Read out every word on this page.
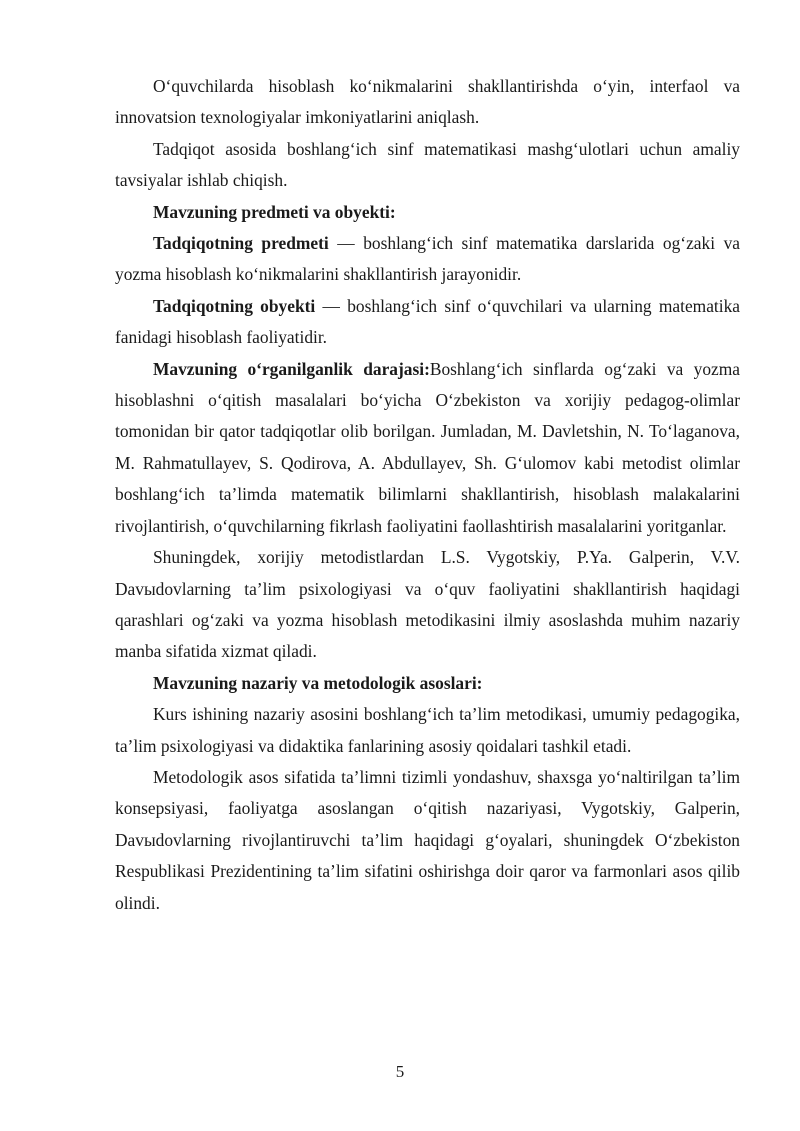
O‘quvchilarda hisoblash ko‘nikmalarini shakllantirishda o‘yin, interfaol va innovatsion texnologiyalar imkoniyatlarini aniqlash.

Tadqiqot asosida boshlang‘ich sinf matematikasi mashg‘ulotlari uchun amaliy tavsiyalar ishlab chiqish.

Mavzuning predmeti va obyekti:

Tadqiqotning predmeti — boshlang‘ich sinf matematika darslarida og‘zaki va yozma hisoblash ko‘nikmalarini shakllantirish jarayonidir.

Tadqiqotning obyekti — boshlang‘ich sinf o‘quvchilari va ularning matematika fanidagi hisoblash faoliyatidir.

Mavzuning o‘rganilganlik darajasi:Boshlang‘ich sinflarda og‘zaki va yozma hisoblashni o‘qitish masalalari bo‘yicha O‘zbekiston va xorijiy pedagog-olimlar tomonidan bir qator tadqiqotlar olib borilgan. Jumladan, M. Davletshin, N. To‘laganova, M. Rahmatullayev, S. Qodirova, A. Abdullayev, Sh. G‘ulomov kabi metodist olimlar boshlang‘ich ta’limda matematik bilimlarni shakllantirish, hisoblash malakalarini rivojlantirish, o‘quvchilarning fikrlash faoliyatini faollashtirish masalalarini yoritganlar.

Shuningdek, xorijiy metodistlardan L.S. Vygotskiy, P.Ya. Galperin, V.V. Davыdovlarning ta’lim psixologiyasi va o‘quv faoliyatini shakllantirish haqidagi qarashlari og‘zaki va yozma hisoblash metodikasini ilmiy asoslashda muhim nazariy manba sifatida xizmat qiladi.

Mavzuning nazariy va metodologik asoslari:

Kurs ishining nazariy asosini boshlang‘ich ta’lim metodikasi, umumiy pedagogika, ta’lim psixologiyasi va didaktika fanlarining asosiy qoidalari tashkil etadi.

Metodologik asos sifatida ta’limni tizimli yondashuv, shaxsga yo‘naltirilgan ta’lim konsepsiyasi, faoliyatga asoslangan o‘qitish nazariyasi, Vygotskiy, Galperin, Davыdovlarning rivojlantiruvchi ta’lim haqidagi g‘oyalari, shuningdek O‘zbekiston Respublikasi Prezidentining ta’lim sifatini oshirishga doir qaror va farmonlari asos qilib olindi.

5
